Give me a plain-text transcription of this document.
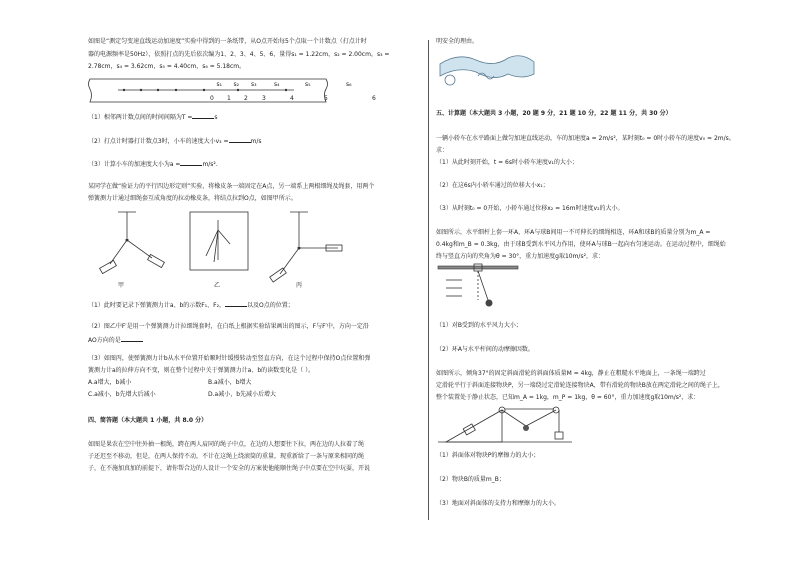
如图是“测定匀变速直线运动加速度”实验中得到的一条纸带，从O点开始每5个点取一个计数点（打点计时
器的电源频率是50Hz），依照打点的先后依次编为1、2、3、4、5、6，量得s₁ = 1.22cm，s₂ = 2.00cm，s₃ =
2.78cm，s₄ = 3.62cm，s₅ = 4.40cm，s₆ = 5.18cm。
0 1 2 3	4	5	6
s₁ s₂ s₃	s₄	s₅	s₆
（1）相邻两计数点间的时间间隔为T =	s
（2）打点计时器打计数点3时，小车的速度大小v₃ =	m/s
（3）计算小车的加速度大小为a =	m/s².
某同学在做“验证力的平行四边形定则”实验，将橡皮条一端固定在A点，另一端系上两根细绳及绳套，用两个
弹簧测力计通过细绳套互成角度的拉动橡皮条，将结点拉到O点，如图甲所示。
甲	乙	丙
（1）此时要记录下弹簧测力计a、b的示数F₁、F₂，	以及O点的位置；
（2）图乙中F′是用一个弹簧测力计拉细绳套时，在白纸上根据实验结果画出的图示，F与F′中，方向一定沿
AO方向的是
（3）如图丙，使弹簧测力计b从水平位置开始顺时针缓慢转动至竖直方向，在这个过程中保持O点位置和弹
簧测力计a的拉伸方向不变，则在整个过程中关于弹簧测力计a、b的读数变化是（ ）。
A.a增大，b减小	B.a减小，b增大
C.a减小，b先增大后减小	D.a减小，b先减小后增大
四、简答题（本大题共 1 小题，共 8.0 分）
如图是果农在空中往外抽一根绳，跨在两人肩同的绳子中点，在边的人想要往下拉，两在边的人拉着了绳
子还迟至不移动，但是，在两人保持不动，不计在这绳上绕滚筒的重量，现重新给了一条与原来相同的绳
子，在不施加真加的前提下，请你帮合边的人设计一个安全的方案使他能顺住绳子中点要在空中玩耍，开说
明安全的理由。
五、计算题（本大题共 3 小题，20 题 9 分，21 题 10 分，22 题 11 分，共 30 分）
一辆小轿车在水平路面上做匀加速直线运动，车的加速度a = 2m/s²，某时刻t₀ = 0时小轿车的速度v₀ = 2m/s。
求：
（1）从此时刻开始，t = 6s时小轿车速度v₁的大小；
（2）在这6s内小轿车通过的位移大小x₁；
（3）从时刻t₀ = 0开始，小轿车通过位移x₂ = 16m时速度v₂的大小。
如图所示，水平细杆上套一环A，环A与球B间用一不可伸长的细绳相连，环A和球B的质量分别为m_A =
0.4kg和m_B = 0.3kg，由于球B受到水平风力作用，使环A与球B一起向右匀速运动。在运动过程中，细绳始
终与竖直方向的夹角为θ = 30°，重力加速度g取10m/s²，求：
（1）对B受到的水平风力大小；
（2）环A与水平杆间的动摩擦因数。
如图所示，倾角37°的固定斜面滑轮的斜面体质量M = 4kg，静止在粗糙水平地面上，一条绳一端跨过
定滑轮平行于斜面连接物块P，另一端绕过定滑轮连接物块A，带有滑轮的物块B放在两定滑轮之间的绳子上，
整个装置处于静止状态，已知m_A = 1kg，m_P = 1kg，θ = 60°，重力加速度g取10m/s²，求：
（1）斜面体对物块P的摩擦力的大小；
（2）物块B的质量m_B；
（3）地面对斜面体的支持力和摩擦力的大小。
